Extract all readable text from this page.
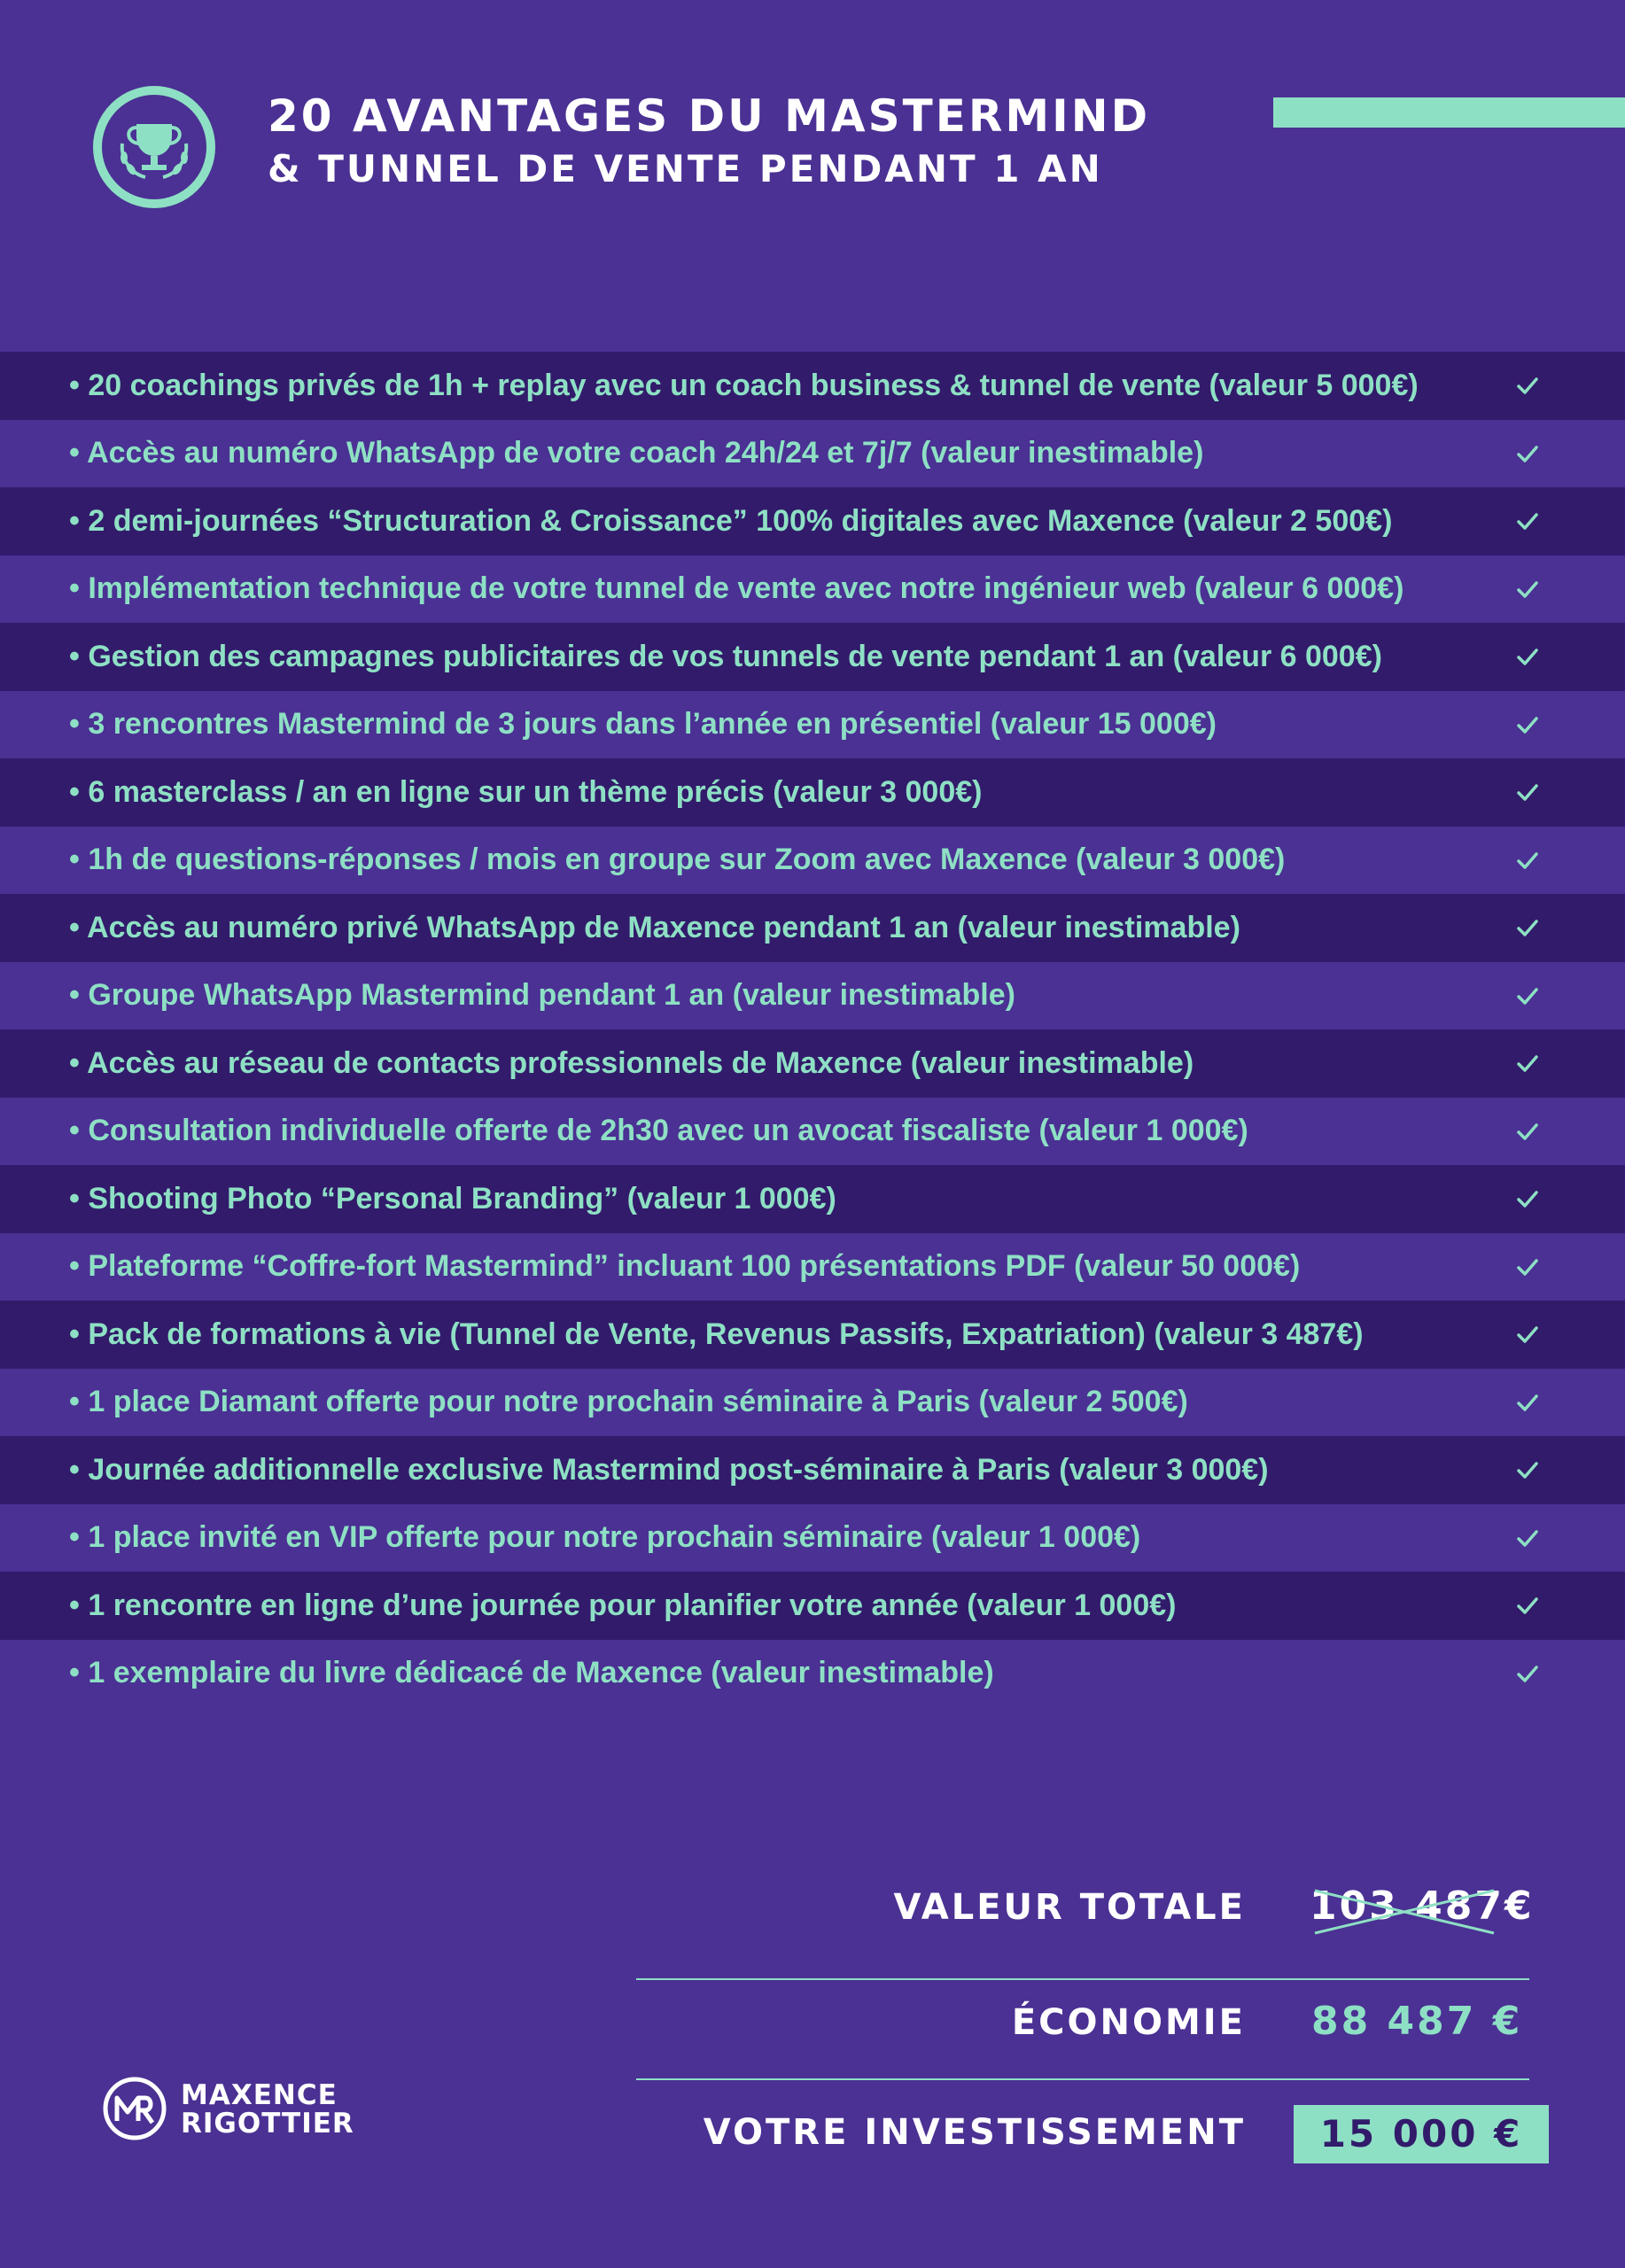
20 AVANTAGES DU MASTERMIND
& TUNNEL DE VENTE PENDANT 1 AN
• 20 coachings privés de 1h + replay avec un coach business & tunnel de vente (valeur 5 000€)
• Accès au numéro WhatsApp de votre coach 24h/24 et 7j/7 (valeur inestimable)
• 2 demi-journées “Structuration & Croissance” 100% digitales avec Maxence (valeur 2 500€)
• Implémentation technique de votre tunnel de vente avec notre ingénieur web (valeur 6 000€)
• Gestion des campagnes publicitaires de vos tunnels de vente pendant 1 an (valeur 6 000€)
• 3 rencontres Mastermind de 3 jours dans l’année en présentiel (valeur 15 000€)
• 6 masterclass / an en ligne sur un thème précis (valeur 3 000€)
• 1h de questions-réponses / mois en groupe sur Zoom avec Maxence (valeur 3 000€)
• Accès au numéro privé WhatsApp de Maxence pendant 1 an (valeur inestimable)
• Groupe WhatsApp Mastermind pendant 1 an (valeur inestimable)
• Accès au réseau de contacts professionnels de Maxence (valeur inestimable)
• Consultation individuelle offerte de 2h30 avec un avocat fiscaliste (valeur 1 000€)
• Shooting Photo “Personal Branding” (valeur 1 000€)
• Plateforme “Coffre-fort Mastermind” incluant 100 présentations PDF (valeur 50 000€)
• Pack de formations à vie (Tunnel de Vente, Revenus Passifs, Expatriation) (valeur 3 487€)
• 1 place Diamant offerte pour notre prochain séminaire à Paris (valeur 2 500€)
• Journée additionnelle exclusive Mastermind post-séminaire à Paris (valeur 3 000€)
• 1 place invité en VIP offerte pour notre prochain séminaire (valeur 1 000€)
• 1 rencontre en ligne d’une journée pour planifier votre année (valeur 1 000€)
• 1 exemplaire du livre dédicacé de Maxence (valeur inestimable)
VALEUR TOTALE 103 487€
ÉCONOMIE 88 487 €
VOTRE INVESTISSEMENT	15 000 €

MAXENCE

RIGOTTIER
